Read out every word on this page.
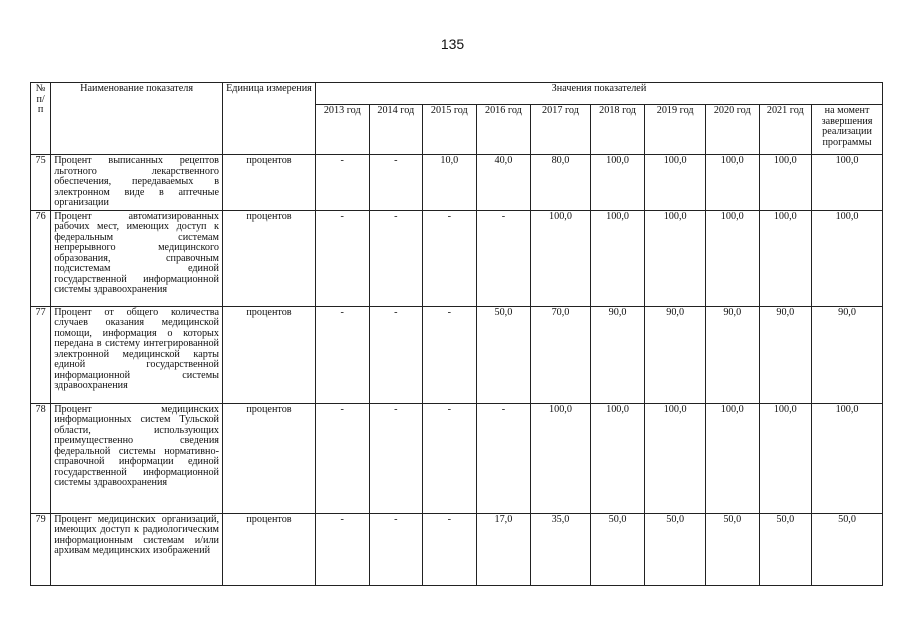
135
№ п/п	Наименование показателя	Единица измерения	Значения показателей									
			2013 год	2014 год	2015 год	2016 год	2017 год	2018 год	2019 год	2020 год	2021 год	на момент завершения реализации программы
75	Процент выписанных рецептов льготного лекарственного обеспечения, передаваемых в электронном виде в аптечные организации	процентов	-	-	10,0	40,0	80,0	100,0	100,0	100,0	100,0	100,0
76	Процент автоматизированных рабочих мест, имеющих доступ к федеральным системам непрерывного медицинского образования, справочным подсистемам единой государственной информационной системы здравоохранения	процентов	-	-	-	-	100,0	100,0	100,0	100,0	100,0	100,0
77	Процент от общего количества случаев оказания медицинской помощи, информация о которых передана в систему интегрированной электронной медицинской карты единой государственной информационной системы здравоохранения	процентов	-	-	-	50,0	70,0	90,0	90,0	90,0	90,0	90,0
78	Процент медицинских информационных систем Тульской области, использующих преимущественно сведения федеральной системы нормативно-справочной информации единой государственной информационной системы здравоохранения	процентов	-	-	-	-	100,0	100,0	100,0	100,0	100,0	100,0
79	Процент медицинских организаций, имеющих доступ к радиологическим информационным системам и/или архивам медицинских изображений	процентов	-	-	-	17,0	35,0	50,0	50,0	50,0	50,0	50,0
